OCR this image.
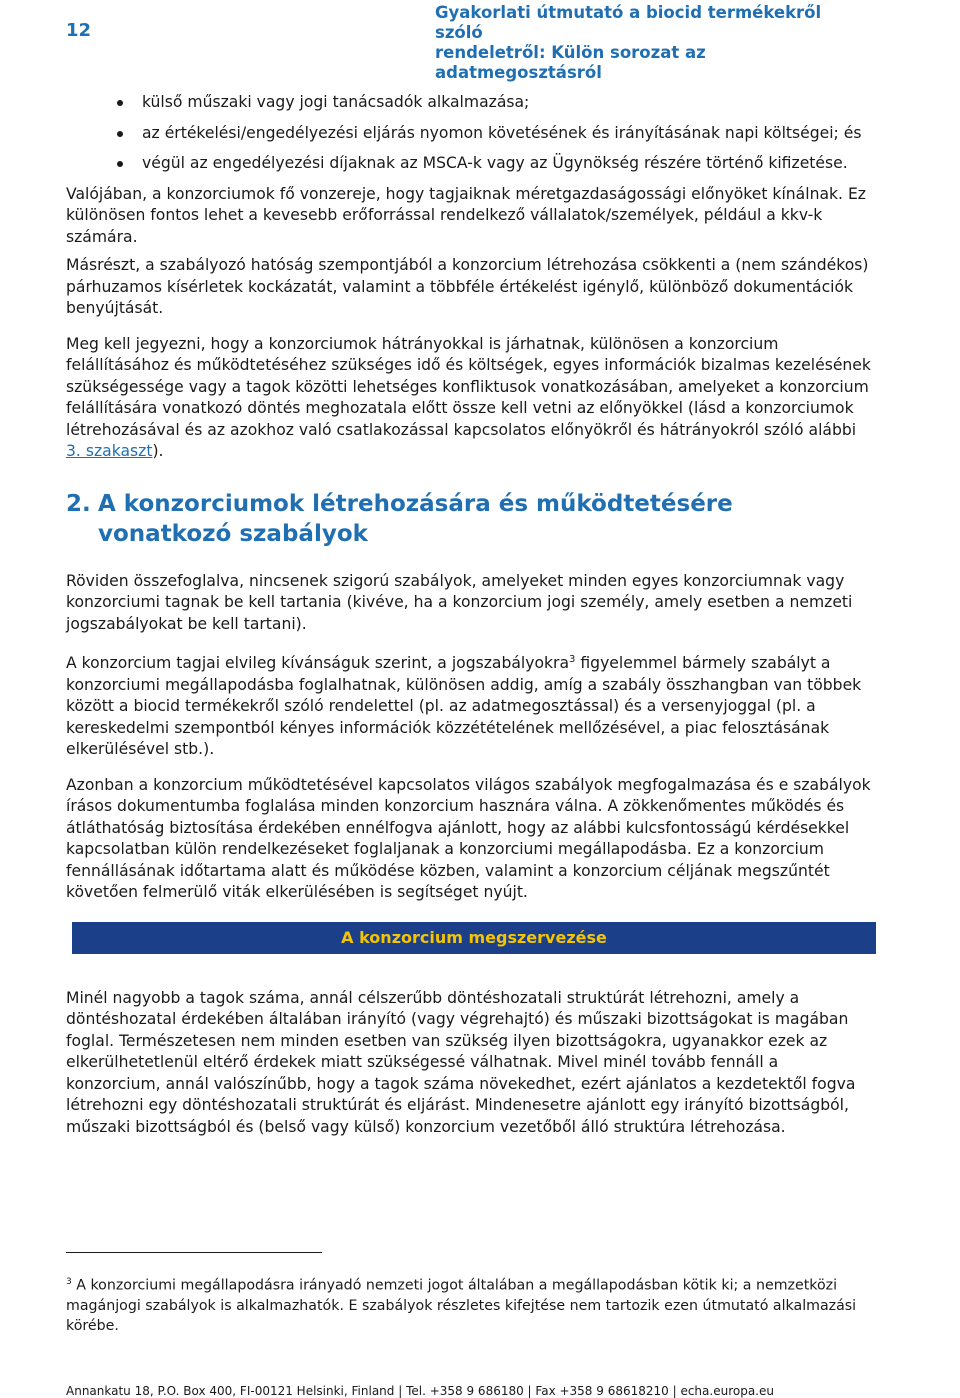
12
Gyakorlati útmutató a biocid termékekről szóló
rendeletről: Külön sorozat az adatmegosztásról
külső műszaki vagy jogi tanácsadók alkalmazása;
az értékelési/engedélyezési eljárás nyomon követésének és irányításának napi költségei; és
végül az engedélyezési díjaknak az MSCA-k vagy az Ügynökség részére történő kifizetése.

Valójában, a konzorciumok fő vonzereje, hogy tagjaiknak méretgazdaságossági előnyöket kínálnak. Ez különösen fontos lehet a kevesebb erőforrással rendelkező vállalatok/személyek, például a kkv-k számára.

Másrészt, a szabályozó hatóság szempontjából a konzorcium létrehozása csökkenti a (nem szándékos) párhuzamos kísérletek kockázatát, valamint a többféle értékelést igénylő, különböző dokumentációk benyújtását.

Meg kell jegyezni, hogy a konzorciumok hátrányokkal is járhatnak, különösen a konzorcium felállításához és működtetéséhez szükséges idő és költségek, egyes információk bizalmas kezelésének szükségessége vagy a tagok közötti lehetséges konfliktusok vonatkozásában, amelyeket a konzorcium felállítására vonatkozó döntés meghozatala előtt össze kell vetni az előnyökkel (lásd a konzorciumok létrehozásával és az azokhoz való csatlakozással kapcsolatos előnyökről és hátrányokról szóló alábbi 3. szakaszt).

2. A konzorciumok létrehozására és működtetésére vonatkozó szabályok

Röviden összefoglalva, nincsenek szigorú szabályok, amelyeket minden egyes konzorciumnak vagy konzorciumi tagnak be kell tartania (kivéve, ha a konzorcium jogi személy, amely esetben a nemzeti jogszabályokat be kell tartani).

A konzorcium tagjai elvileg kívánságuk szerint, a jogszabályokra$^3$ figyelemmel bármely szabályt a konzorciumi megállapodásba foglalhatnak, különösen addig, amíg a szabály összhangban van többek között a biocid termékekről szóló rendelettel (pl. az adatmegosztással) és a versenyjoggal (pl. a kereskedelmi szempontból kényes információk közzétételének mellőzésével, a piac felosztásának elkerülésével stb.).

Azonban a konzorcium működtetésével kapcsolatos világos szabályok megfogalmazása és e szabályok írásos dokumentumba foglalása minden konzorcium hasznára válna. A zökkenőmentes működés és átláthatóság biztosítása érdekében ennélfogva ajánlott, hogy az alábbi kulcsfontosságú kérdésekkel kapcsolatban külön rendelkezéseket foglaljanak a konzorciumi megállapodásba. Ez a konzorcium fennállásának időtartama alatt és működése közben, valamint a konzorcium céljának megszűntét követően felmerülő viták elkerülésében is segítséget nyújt.

A konzorcium megszervezése

Minél nagyobb a tagok száma, annál célszerűbb döntéshozatali struktúrát létrehozni, amely a döntéshozatal érdekében általában irányító (vagy végrehajtó) és műszaki bizottságokat is magában foglal. Természetesen nem minden esetben van szükség ilyen bizottságokra, ugyanakkor ezek az elkerülhetetlenül eltérő érdekek miatt szükségessé válhatnak. Mivel minél tovább fennáll a konzorcium, annál valószínűbb, hogy a tagok száma növekedhet, ezért ajánlatos a kezdetektől fogva létrehozni egy döntéshozatali struktúrát és eljárást. Mindenesetre ajánlott egy irányító bizottságból, műszaki bizottságból és (belső vagy külső) konzorcium vezetőből álló struktúra létrehozása.

$^3$ A konzorciumi megállapodásra irányadó nemzeti jogot általában a megállapodásban kötik ki; a nemzetközi magánjogi szabályok is alkalmazhatók. E szabályok részletes kifejtése nem tartozik ezen útmutató alkalmazási körébe.
Annankatu 18, P.O. Box 400, FI-00121 Helsinki, Finland | Tel. +358 9 686180 | Fax +358 9 68618210 | echa.europa.eu
